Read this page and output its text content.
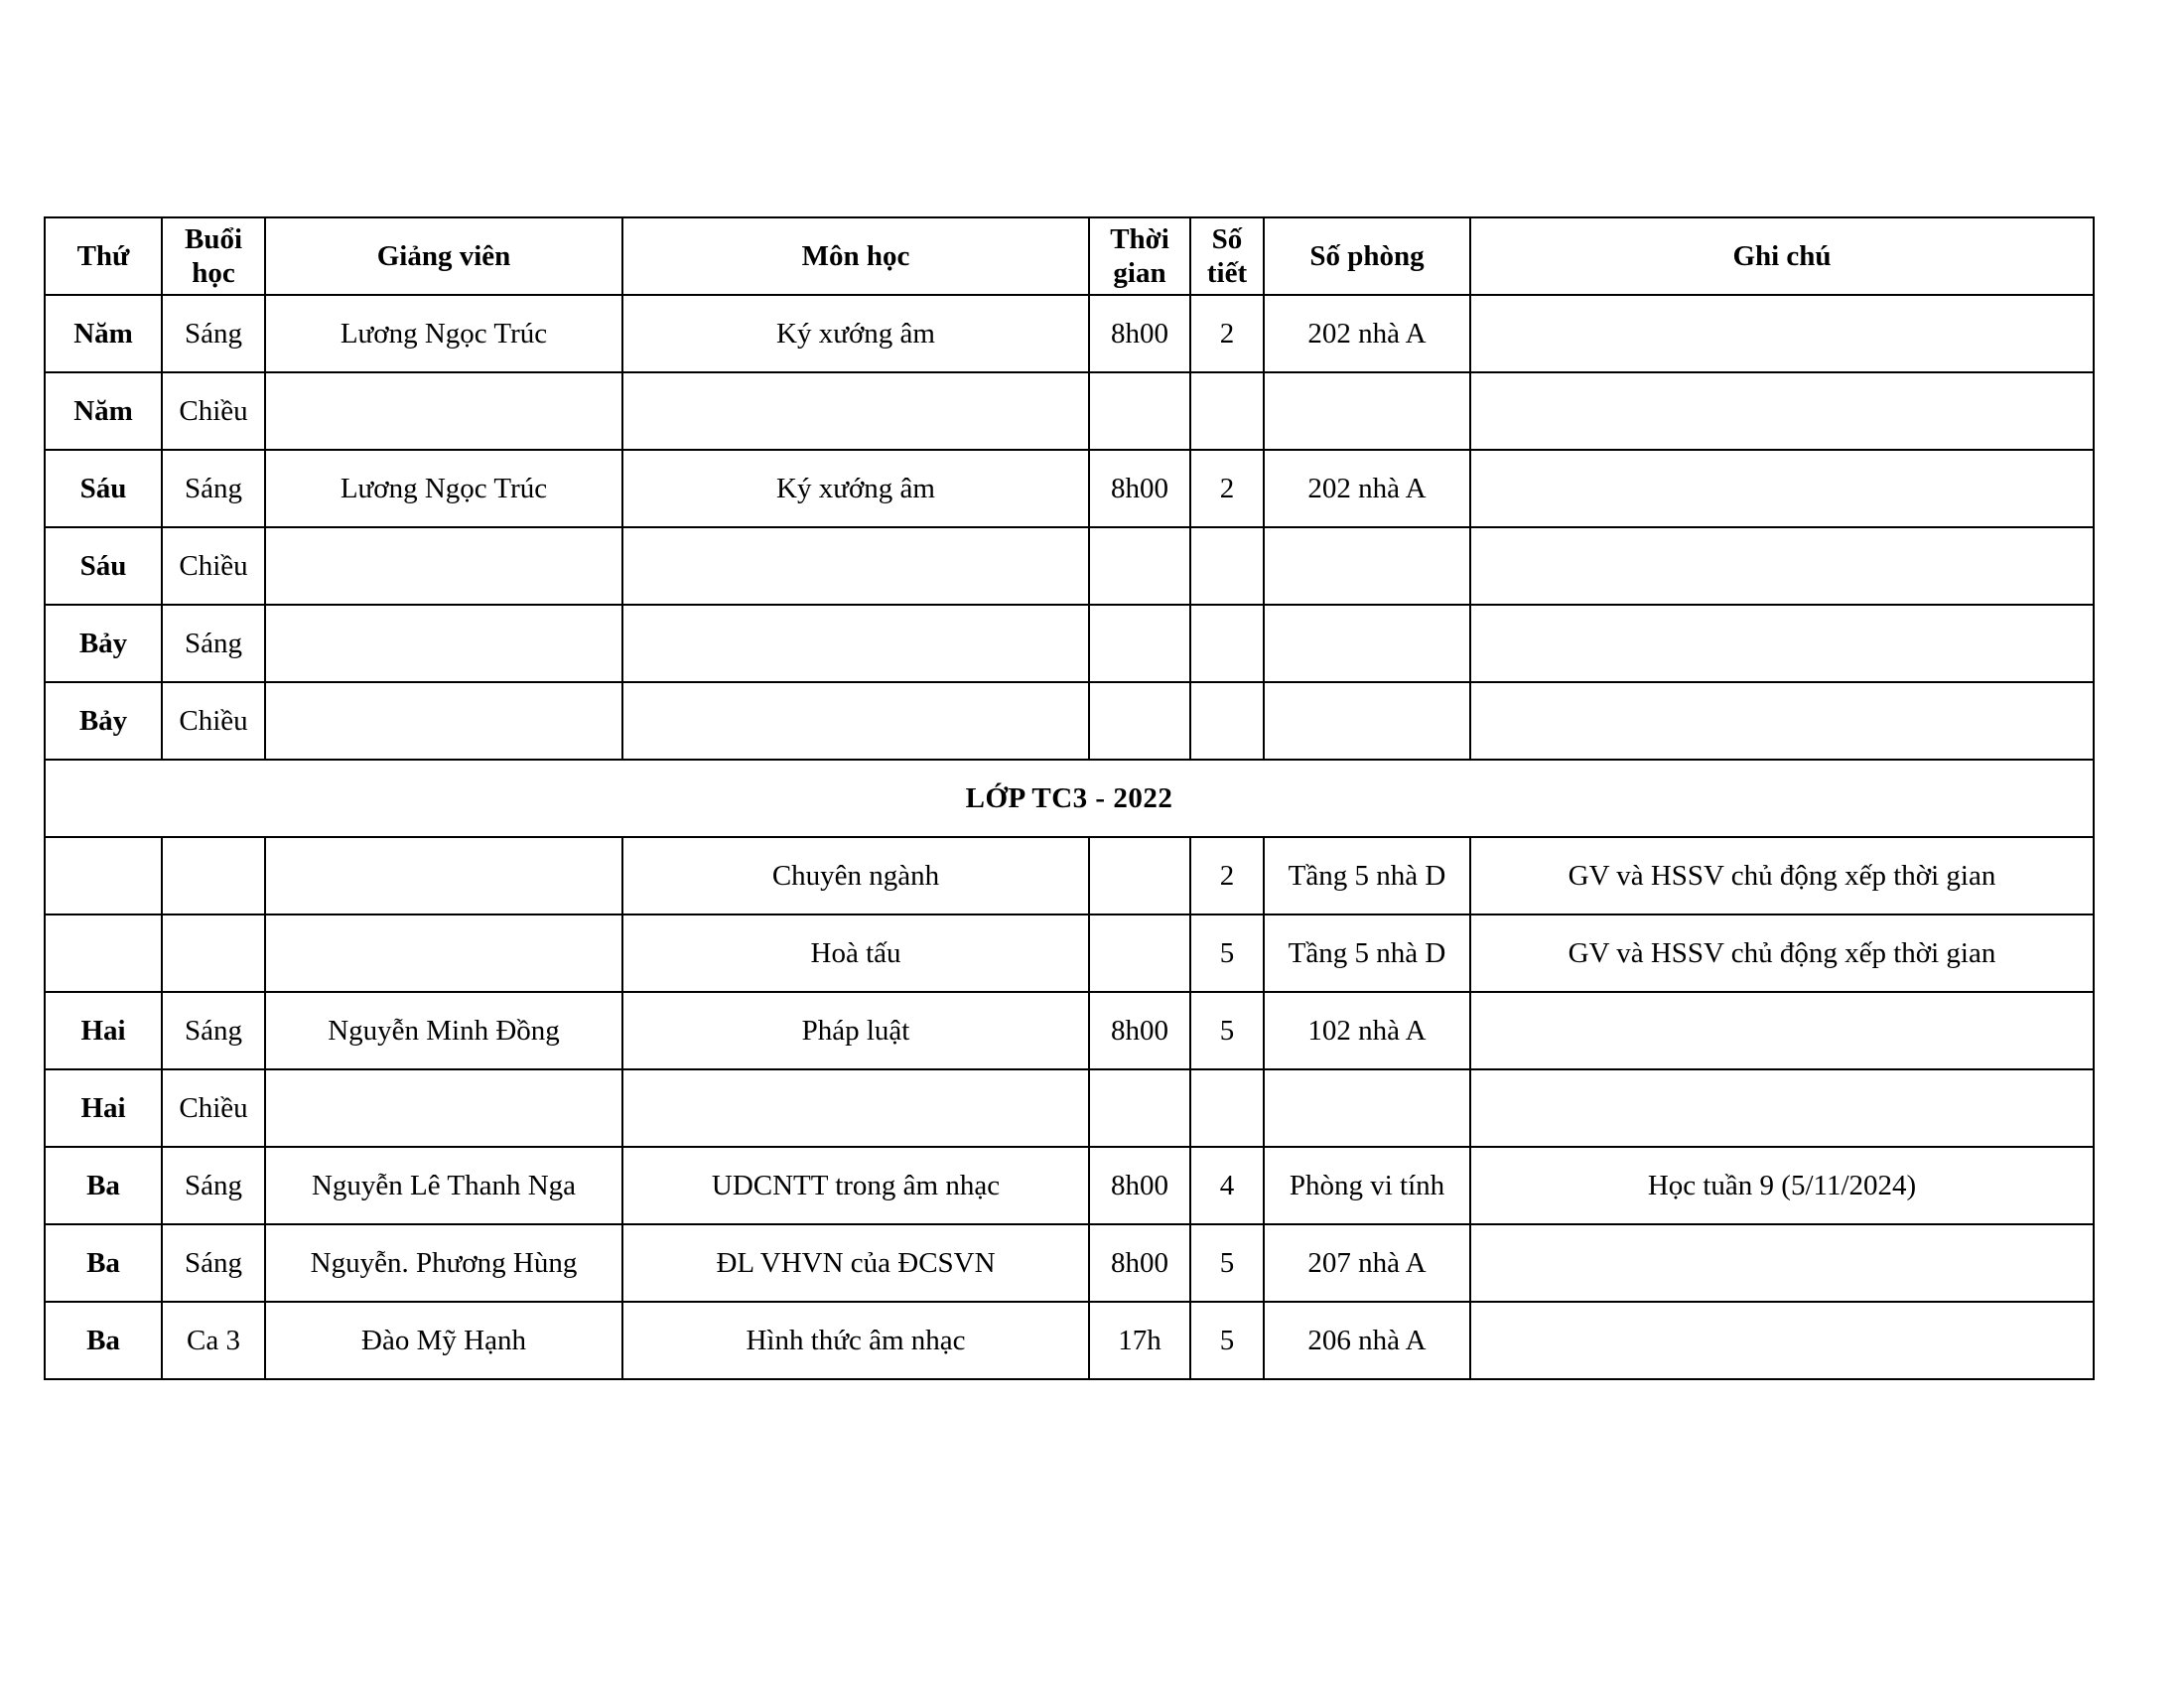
Thứ	Buổi học	Giảng viên	Môn học	Thời gian	Số tiết	Số phòng	Ghi chú
Năm	Sáng	Lương Ngọc Trúc	Ký xướng âm	8h00	2	202 nhà A	
Năm	Chiều						
Sáu	Sáng	Lương Ngọc Trúc	Ký xướng âm	8h00	2	202 nhà A	
Sáu	Chiều						
Bảy	Sáng						
Bảy	Chiều						
LỚP TC3 - 2022							
			Chuyên ngành		2	Tầng 5 nhà D	GV và HSSV chủ động xếp thời gian
			Hoà tấu		5	Tầng 5 nhà D	GV và HSSV chủ động xếp thời gian
Hai	Sáng	Nguyễn Minh Đồng	Pháp luật	8h00	5	102 nhà A	
Hai	Chiều						
Ba	Sáng	Nguyễn Lê Thanh Nga	UDCNTT trong âm nhạc	8h00	4	Phòng vi tính	Học tuần 9 (5/11/2024)
Ba	Sáng	Nguyễn. Phương Hùng	ĐL VHVN của ĐCSVN	8h00	5	207 nhà A	
Ba	Ca 3	Đào Mỹ Hạnh	Hình thức âm nhạc	17h	5	206 nhà A	
